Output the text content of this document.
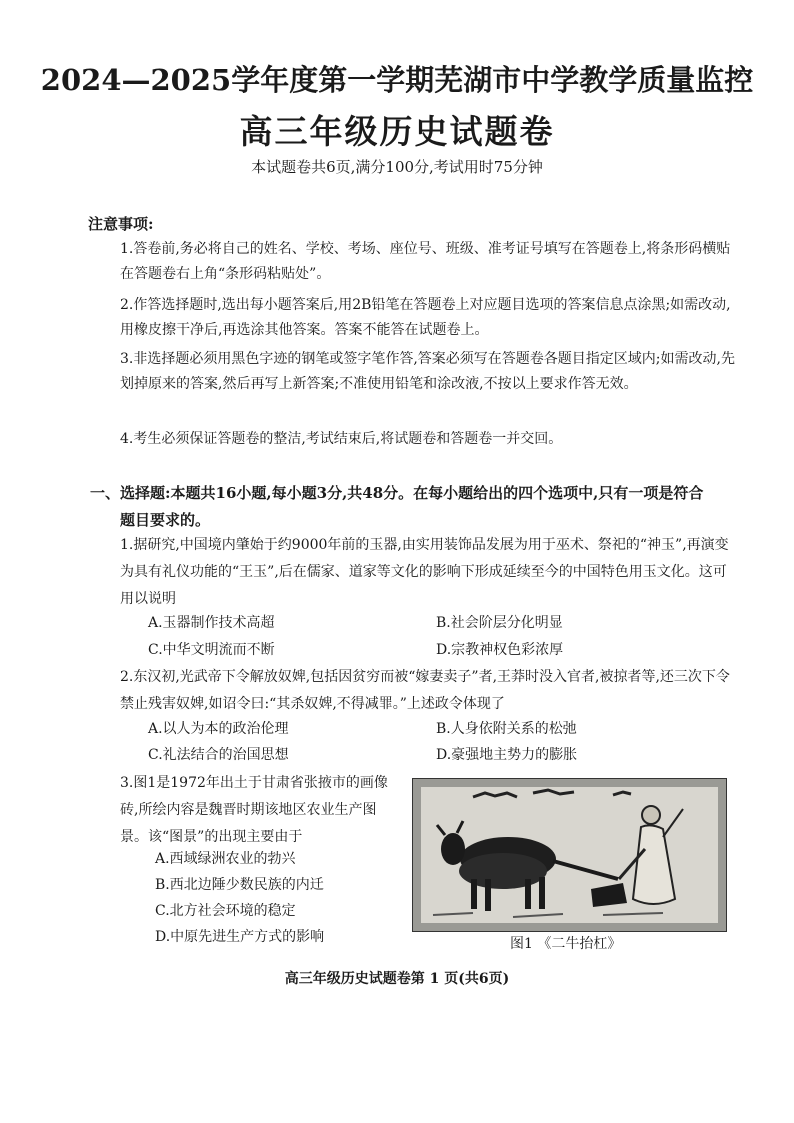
2024—2025学年度第一学期芜湖市中学教学质量监控
高三年级历史试题卷
本试题卷共6页,满分100分,考试用时75分钟
注意事项:
1.答卷前,务必将自己的姓名、学校、考场、座位号、班级、准考证号填写在答题卷上,将条形码横贴在答题卷右上角“条形码粘贴处”。
2.作答选择题时,选出每小题答案后,用2B铅笔在答题卷上对应题目选项的答案信息点涂黑;如需改动,用橡皮擦干净后,再选涂其他答案。答案不能答在试题卷上。
3.非选择题必须用黑色字迹的钢笔或签字笔作答,答案必须写在答题卷各题目指定区域内;如需改动,先划掉原来的答案,然后再写上新答案;不准使用铅笔和涂改液,不按以上要求作答无效。
4.考生必须保证答题卷的整洁,考试结束后,将试题卷和答题卷一并交回。
一、选择题:本题共16小题,每小题3分,共48分。在每小题给出的四个选项中,只有一项是符合
题目要求的。
1.据研究,中国境内肇始于约9000年前的玉器,由实用装饰品发展为用于巫术、祭祀的“神玉”,再演变为具有礼仪功能的“王玉”,后在儒家、道家等文化的影响下形成延续至今的中国特色用玉文化。这可用以说明
A.玉器制作技术高超	B.社会阶层分化明显
C.中华文明流而不断	D.宗教神权色彩浓厚
2.东汉初,光武帝下令解放奴婢,包括因贫穷而被“嫁妻卖子”者,王莽时没入官者,被掠者等,还三次下令禁止残害奴婢,如诏令曰:“其杀奴婢,不得减罪。”上述政令体现了
A.以人为本的政治伦理	B.人身依附关系的松弛
C.礼法结合的治国思想	D.豪强地主势力的膨胀
3.图1是1972年出土于甘肃省张掖市的画像砖,所绘内容是魏晋时期该地区农业生产图景。该“图景”的出现主要由于
A.西域绿洲农业的勃兴
B.西北边陲少数民族的内迁
C.北方社会环境的稳定
D.中原先进生产方式的影响	图1 《二牛抬杠》
高三年级历史试题卷第 1 页(共6页)
